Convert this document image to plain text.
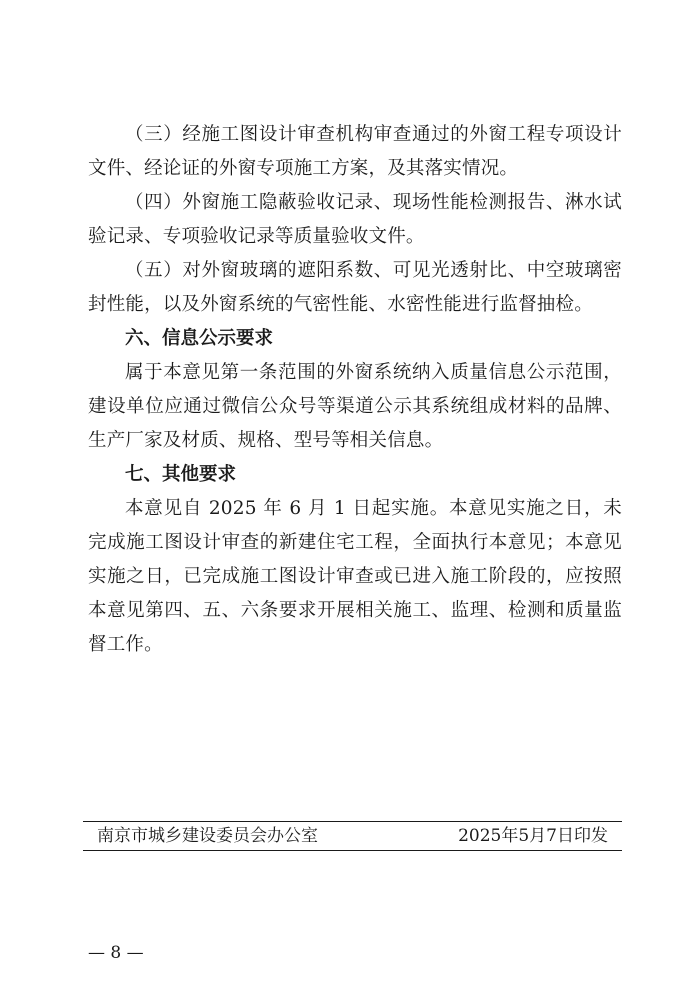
（三）经施工图设计审查机构审查通过的外窗工程专项设计文件、经论证的外窗专项施工方案，及其落实情况。

（四）外窗施工隐蔽验收记录、现场性能检测报告、淋水试验记录、专项验收记录等质量验收文件。

（五）对外窗玻璃的遮阳系数、可见光透射比、中空玻璃密封性能，以及外窗系统的气密性能、水密性能进行监督抽检。

六、信息公示要求

属于本意见第一条范围的外窗系统纳入质量信息公示范围，建设单位应通过微信公众号等渠道公示其系统组成材料的品牌、生产厂家及材质、规格、型号等相关信息。

七、其他要求

本意见自 2025 年 6 月 1 日起实施。本意见实施之日，未完成施工图设计审查的新建住宅工程，全面执行本意见；本意见实施之日，已完成施工图设计审查或已进入施工阶段的，应按照本意见第四、五、六条要求开展相关施工、监理、检测和质量监督工作。

南京市城乡建设委员会办公室	2025年5月7日印发
— 8 —
